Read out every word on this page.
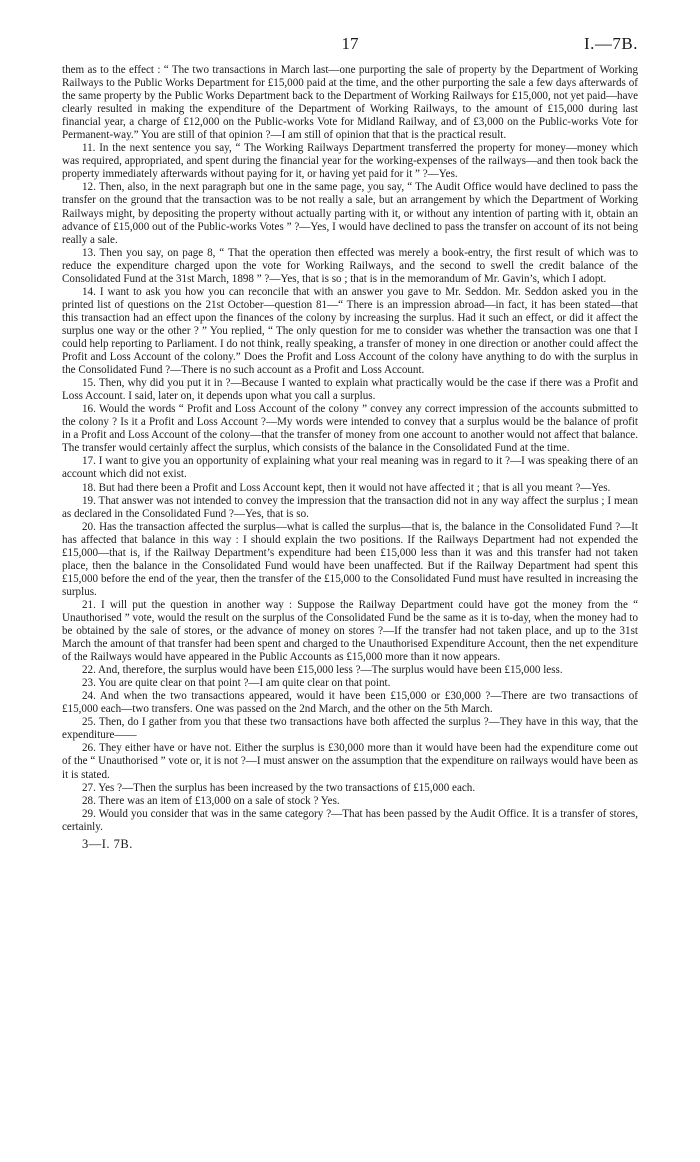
17	I.—7B.

them as to the effect : “ The two transactions in March last—one purporting the sale of property by the Department of Working Railways to the Public Works Department for £15,000 paid at the time, and the other purporting the sale a few days afterwards of the same property by the Public Works Department back to the Department of Working Railways for £15,000, not yet paid—have clearly resulted in making the expenditure of the Department of Working Railways, to the amount of £15,000 during last financial year, a charge of £12,000 on the Public-works Vote for Midland Railway, and of £3,000 on the Public-works Vote for Permanent-way.” You are still of that opinion ?—I am still of opinion that that is the practical result.

11. In the next sentence you say, “ The Working Railways Department transferred the property for money—money which was required, appropriated, and spent during the financial year for the working-expenses of the railways—and then took back the property immediately afterwards without paying for it, or having yet paid for it ” ?—Yes.

12. Then, also, in the next paragraph but one in the same page, you say, “ The Audit Office would have declined to pass the transfer on the ground that the transaction was to be not really a sale, but an arrangement by which the Department of Working Railways might, by depositing the property without actually parting with it, or without any intention of parting with it, obtain an advance of £15,000 out of the Public-works Votes ” ?—Yes, I would have declined to pass the transfer on account of its not being really a sale.

13. Then you say, on page 8, “ That the operation then effected was merely a book-entry, the first result of which was to reduce the expenditure charged upon the vote for Working Railways, and the second to swell the credit balance of the Consolidated Fund at the 31st March, 1898 ” ?—Yes, that is so ; that is in the memorandum of Mr. Gavin’s, which I adopt.

14. I want to ask you how you can reconcile that with an answer you gave to Mr. Seddon. Mr. Seddon asked you in the printed list of questions on the 21st October—question 81—“ There is an impression abroad—in fact, it has been stated—that this transaction had an effect upon the finances of the colony by increasing the surplus. Had it such an effect, or did it affect the surplus one way or the other ? ” You replied, “ The only question for me to consider was whether the transaction was one that I could help reporting to Parliament. I do not think, really speaking, a transfer of money in one direction or another could affect the Profit and Loss Account of the colony.” Does the Profit and Loss Account of the colony have anything to do with the surplus in the Consolidated Fund ?—There is no such account as a Profit and Loss Account.

15. Then, why did you put it in ?—Because I wanted to explain what practically would be the case if there was a Profit and Loss Account. I said, later on, it depends upon what you call a surplus.

16. Would the words “ Profit and Loss Account of the colony ” convey any correct impression of the accounts submitted to the colony ? Is it a Profit and Loss Account ?—My words were intended to convey that a surplus would be the balance of profit in a Profit and Loss Account of the colony—that the transfer of money from one account to another would not affect that balance. The transfer would certainly affect the surplus, which consists of the balance in the Consolidated Fund at the time.

17. I want to give you an opportunity of explaining what your real meaning was in regard to it ?—I was speaking there of an account which did not exist.

18. But had there been a Profit and Loss Account kept, then it would not have affected it ; that is all you meant ?—Yes.

19. That answer was not intended to convey the impression that the transaction did not in any way affect the surplus ; I mean as declared in the Consolidated Fund ?—Yes, that is so.

20. Has the transaction affected the surplus—what is called the surplus—that is, the balance in the Consolidated Fund ?—It has affected that balance in this way : I should explain the two positions. If the Railways Department had not expended the £15,000—that is, if the Railway Department’s expenditure had been £15,000 less than it was and this transfer had not taken place, then the balance in the Consolidated Fund would have been unaffected. But if the Railway Department had spent this £15,000 before the end of the year, then the transfer of the £15,000 to the Consolidated Fund must have resulted in increasing the surplus.

21. I will put the question in another way : Suppose the Railway Department could have got the money from the “ Unauthorised ” vote, would the result on the surplus of the Consolidated Fund be the same as it is to-day, when the money had to be obtained by the sale of stores, or the advance of money on stores ?—If the transfer had not taken place, and up to the 31st March the amount of that transfer had been spent and charged to the Unauthorised Expenditure Account, then the net expenditure of the Railways would have appeared in the Public Accounts as £15,000 more than it now appears.

22. And, therefore, the surplus would have been £15,000 less ?—The surplus would have been £15,000 less.

23. You are quite clear on that point ?—I am quite clear on that point.

24. And when the two transactions appeared, would it have been £15,000 or £30,000 ?—There are two transactions of £15,000 each—two transfers. One was passed on the 2nd March, and the other on the 5th March.

25. Then, do I gather from you that these two transactions have both affected the surplus ?—They have in this way, that the expenditure——

26. They either have or have not. Either the surplus is £30,000 more than it would have been had the expenditure come out of the “ Unauthorised ” vote or, it is not ?—I must answer on the assumption that the expenditure on railways would have been as it is stated.

27. Yes ?—Then the surplus has been increased by the two transactions of £15,000 each.

28. There was an item of £13,000 on a sale of stock ? Yes.

29. Would you consider that was in the same category ?—That has been passed by the Audit Office. It is a transfer of stores, certainly.

3—I. 7B.
